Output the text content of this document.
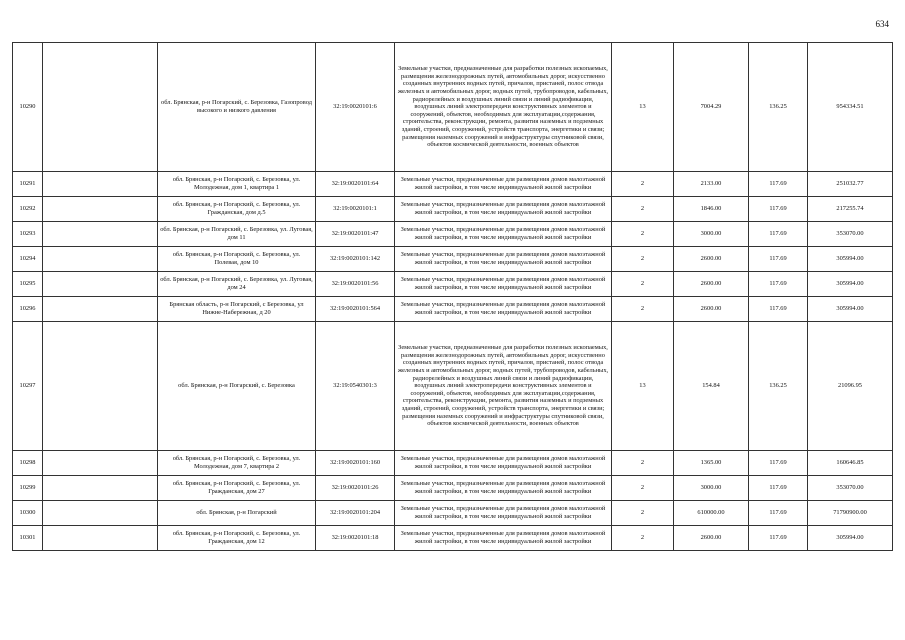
634
10290		обл. Брянская, р-н Погарский, с. Березовка, Газопровод высокого и низкого давления	32:19:0020101:6	Земельные участки, предназначенные для разработки полезных ископаемых, размещения железнодорожных путей, автомобильных дорог, искусственно созданных внутренних водных путей, причалов, пристаней, полос отвода железных и автомобильных дорог, водных путей, трубопроводов, кабельных, радиорелейных и воздушных линий связи и линий радиофикации, воздушных линий электропередачи конструктивных элементов и сооружений, объектов, необходимых для эксплуатации,содержания, строительства, реконструкции, ремонта, развития наземных и подземных зданий, строений, сооружений, устройств транспорта, энергетики и связи; размещения наземных сооружений и инфраструктуры спутниковой связи, объектов космической деятельности, военных объектов	13	7004.29	136.25	954334.51
10291		обл. Брянская, р-н Погарский, с. Березовка, ул. Молодежная, дом 1, квартира 1	32:19:0020101:64	Земельные участки, предназначенные для размещения домов малоэтажной жилой застройки, в том числе индивидуальной жилой застройки	2	2133.00	117.69	251032.77
10292		обл. Брянская, р-н Погарский, с. Березовка, ул. Гражданская, дом д.5	32:19:0020101:1	Земельные участки, предназначенные для размещения домов малоэтажной жилой застройки, в том числе индивидуальной жилой застройки	2	1846.00	117.69	217255.74
10293		обл. Брянская, р-н Погарский, с. Березовка, ул. Луговая, дом 11	32:19:0020101:47	Земельные участки, предназначенные для размещения домов малоэтажной жилой застройки, в том числе индивидуальной жилой застройки	2	3000.00	117.69	353070.00
10294		обл. Брянская, р-н Погарский, с. Березовка, ул. Полевая, дом 10	32:19:0020101:142	Земельные участки, предназначенные для размещения домов малоэтажной жилой застройки, в том числе индивидуальной жилой застройки	2	2600.00	117.69	305994.00
10295		обл. Брянская, р-н Погарский, с. Березовка, ул. Луговая, дом 24	32:19:0020101:56	Земельные участки, предназначенные для размещения домов малоэтажной жилой застройки, в том числе индивидуальной жилой застройки	2	2600.00	117.69	305994.00
10296		Брянская область, р-н Погарский, с Березовка, ул Нижне-Набережная, д 20	32:19:0020101:564	Земельные участки, предназначенные для размещения домов малоэтажной жилой застройки, в том числе индивидуальной жилой застройки	2	2600.00	117.69	305994.00
10297		обл. Брянская, р-н Погарский, с. Березовка	32:19:0540301:3	Земельные участки, предназначенные для разработки полезных ископаемых, размещения железнодорожных путей, автомобильных дорог, искусственно созданных внутренних водных путей, причалов, пристаней, полос отвода железных и автомобильных дорог, водных путей, трубопроводов, кабельных, радиорелейных и воздушных линий связи и линий радиофикации, воздушных линий электропередачи конструктивных элементов и сооружений, объектов, необходимых для эксплуатации,содержания, строительства, реконструкции, ремонта, развития наземных и подземных зданий, строений, сооружений, устройств транспорта, энергетики и связи; размещения наземных сооружений и инфраструктуры спутниковой связи, объектов космической деятельности, военных объектов	13	154.84	136.25	21096.95
10298		обл. Брянская, р-н Погарский, с. Березовка, ул. Молодежная, дом 7, квартира 2	32:19:0020101:160	Земельные участки, предназначенные для размещения домов малоэтажной жилой застройки, в том числе индивидуальной жилой застройки	2	1365.00	117.69	160646.85
10299		обл. Брянская, р-н Погарский, с. Березовка, ул. Гражданская, дом 27	32:19:0020101:26	Земельные участки, предназначенные для размещения домов малоэтажной жилой застройки, в том числе индивидуальной жилой застройки	2	3000.00	117.69	353070.00
10300		обл. Брянская, р-н Погарский	32:19:0020101:204	Земельные участки, предназначенные для размещения домов малоэтажной жилой застройки, в том числе индивидуальной жилой застройки	2	610000.00	117.69	71790900.00
10301		обл. Брянская, р-н Погарский, с. Березовка, ул. Гражданская, дом 12	32:19:0020101:18	Земельные участки, предназначенные для размещения домов малоэтажной жилой застройки, в том числе индивидуальной жилой застройки	2	2600.00	117.69	305994.00
